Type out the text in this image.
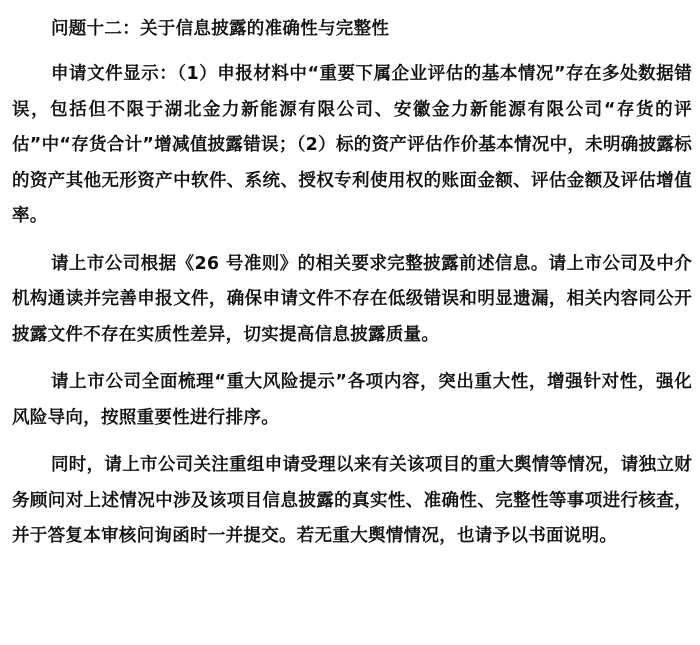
问题十二：关于信息披露的准确性与完整性

申请文件显示：（1）申报材料中“重要下属企业评估的基本情况”存在多处数据错误，包括但不限于湖北金力新能源有限公司、安徽金力新能源有限公司“存货的评估”中“存货合计”增减值披露错误；（2）标的资产评估作价基本情况中，未明确披露标的资产其他无形资产中软件、系统、授权专利使用权的账面金额、评估金额及评估增值率。

请上市公司根据《26 号准则》的相关要求完整披露前述信息。请上市公司及中介机构通读并完善申报文件，确保申请文件不存在低级错误和明显遗漏，相关内容同公开披露文件不存在实质性差异，切实提高信息披露质量。

请上市公司全面梳理“重大风险提示”各项内容，突出重大性，增强针对性，强化风险导向，按照重要性进行排序。

同时，请上市公司关注重组申请受理以来有关该项目的重大舆情等情况，请独立财务顾问对上述情况中涉及该项目信息披露的真实性、准确性、完整性等事项进行核查，并于答复本审核问询函时一并提交。若无重大舆情情况，也请予以书面说明。
